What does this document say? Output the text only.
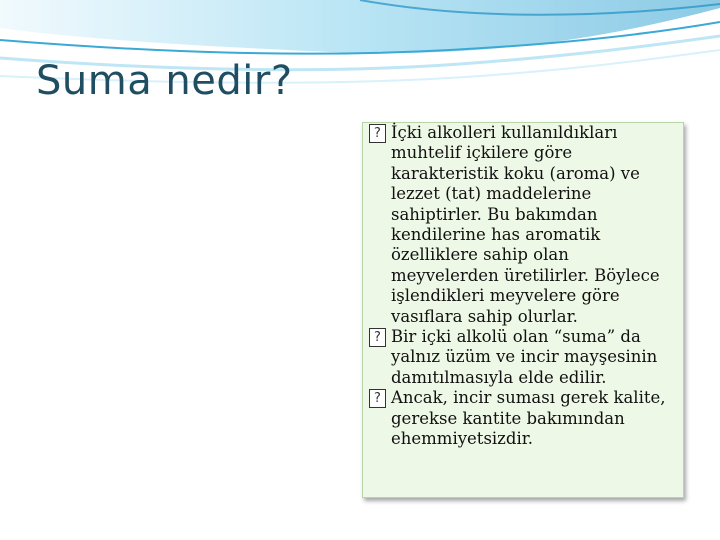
Suma nedir?
? İçki alkolleri kullanıldıkları muhtelif içkilere göre karakteristik koku (aroma) ve lezzet (tat) maddelerine sahiptirler. Bu bakımdan kendilerine has aromatik özelliklere sahip olan meyvelerden üretilirler. Böylece işlendikleri meyvelere göre vasıflara sahip olurlar.
? Bir içki alkolü olan “suma” da yalnız üzüm ve incir mayşesinin damıtılmasıyla elde edilir.
? Ancak, incir suması gerek kalite, gerekse kantite bakımından ehemmiyetsizdir.
